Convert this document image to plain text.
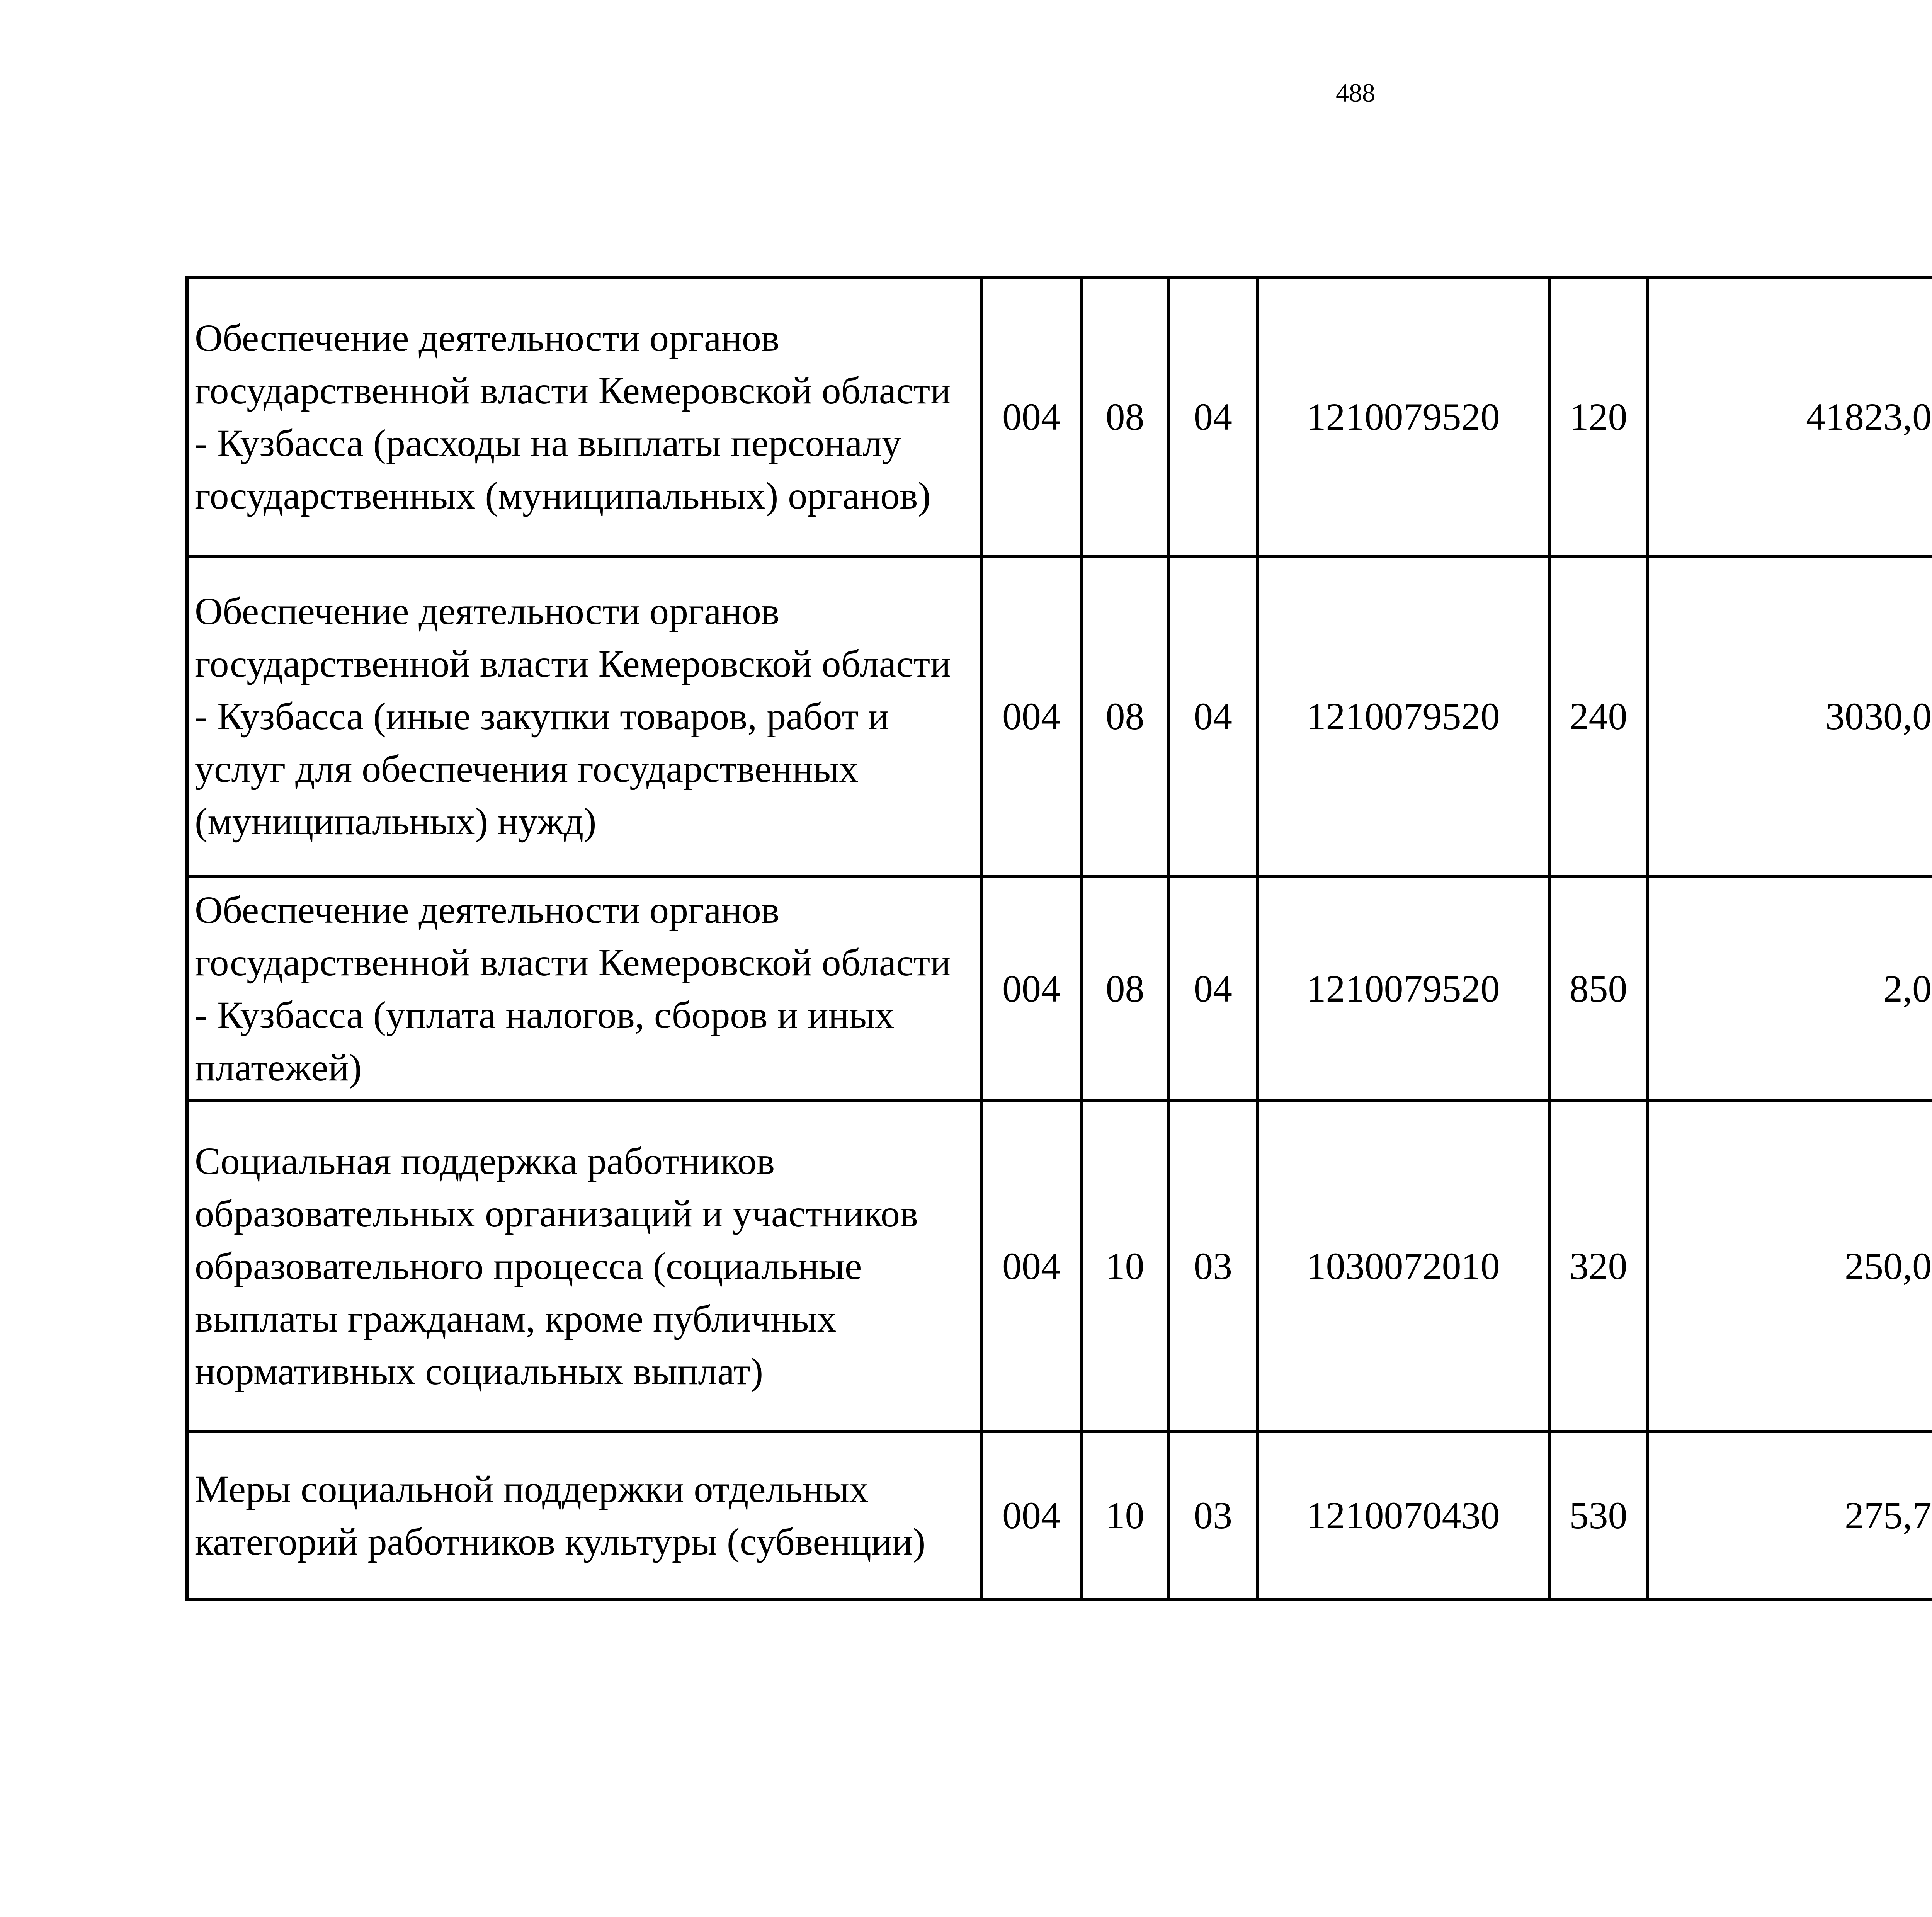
488
Обеспечение деятельности органов государственной власти Кемеровской области - Кузбасса (расходы на выплаты персоналу государственных (муниципальных) органов)	004	08	04	1210079520	120	41823,0		
Обеспечение деятельности органов государственной власти Кемеровской области - Кузбасса (иные закупки товаров, работ и услуг для обеспечения государственных (муниципальных) нужд)	004	08	04	1210079520	240	3030,0		
Обеспечение деятельности органов государственной власти Кемеровской области - Кузбасса (уплата налогов, сборов и иных платежей)	004	08	04	1210079520	850	2,0		
Социальная поддержка работников образовательных организаций и участников образовательного процесса (социальные выплаты гражданам, кроме публичных нормативных социальных выплат)	004	10	03	1030072010	320	250,0		
Меры социальной поддержки отдельных категорий работников культуры (субвенции)	004	10	03	1210070430	530	275,7		
